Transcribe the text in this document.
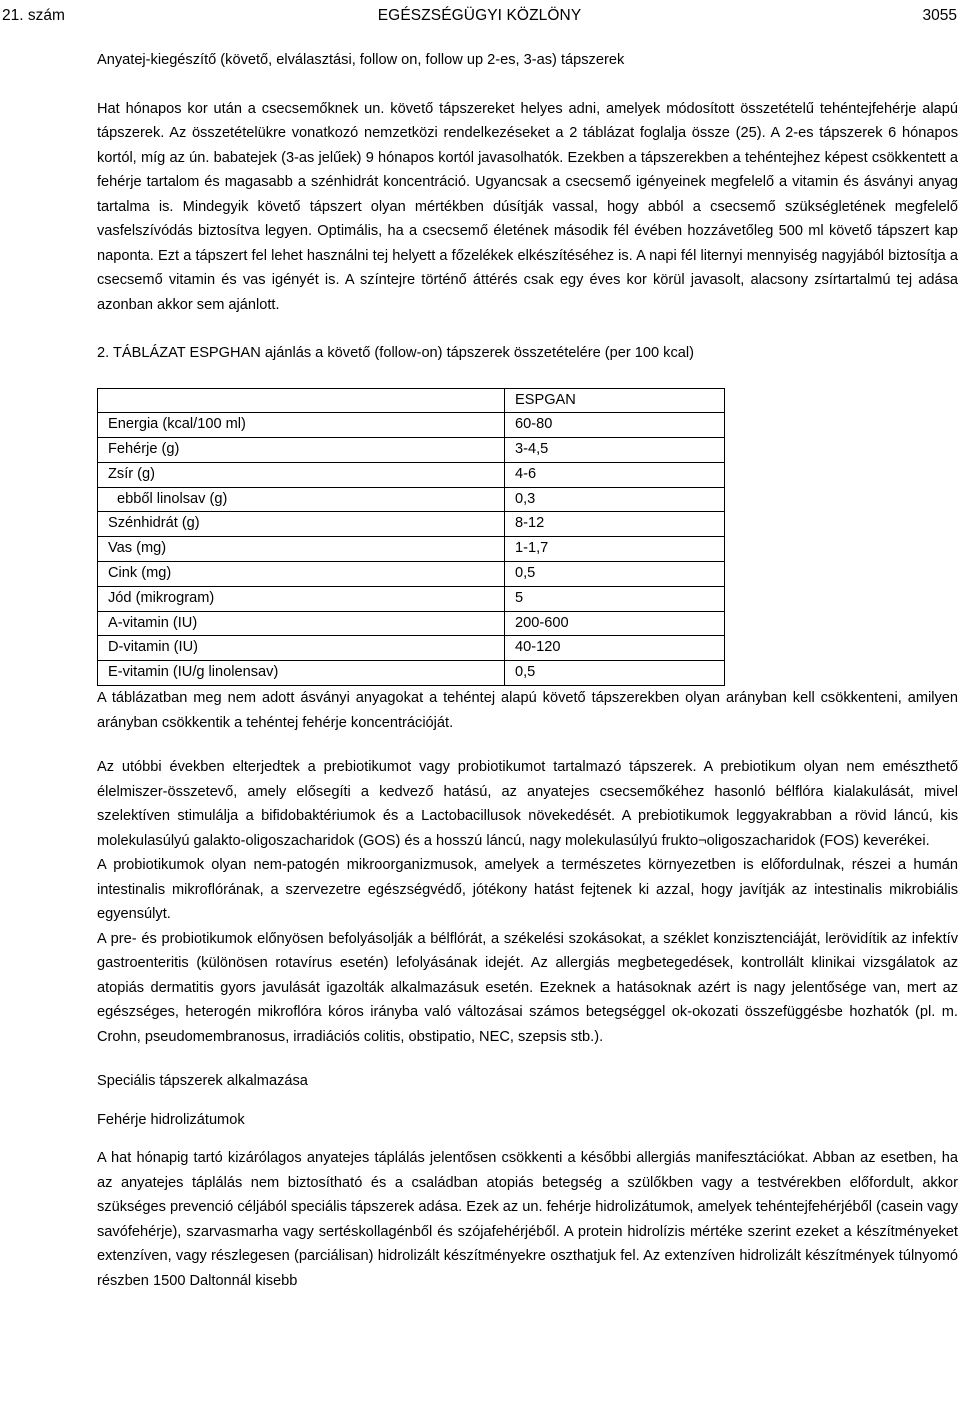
21. szám	EGÉSZSÉGÜGYI KÖZLÖNY	3055

Anyatej-kiegészítő (követő, elválasztási, follow on, follow up 2-es, 3-as) tápszerek

Hat hónapos kor után a csecsemőknek un. követő tápszereket helyes adni, amelyek módosított összetételű tehéntejfehérje alapú tápszerek. Az összetételükre vonatkozó nemzetközi rendelkezéseket a 2 táblázat foglalja össze (25). A 2-es tápszerek 6 hónapos kortól, míg az ún. babatejek (3-as jelűek) 9 hónapos kortól javasolhatók. Ezekben a tápszerekben a tehéntejhez képest csökkentett a fehérje tartalom és magasabb a szénhidrát koncentráció. Ugyancsak a csecsemő igényeinek megfelelő a vitamin és ásványi anyag tartalma is. Mindegyik követő tápszert olyan mértékben dúsítják vassal, hogy abból a csecsemő szükségletének megfelelő vasfelszívódás biztosítva legyen. Optimális, ha a csecsemő életének második fél évében hozzávetőleg 500 ml követő tápszert kap naponta. Ezt a tápszert fel lehet használni tej helyett a főzelékek elkészítéséhez is. A napi fél liternyi mennyiség nagyjából biztosítja a csecsemő vitamin és vas igényét is. A színtejre történő áttérés csak egy éves kor körül javasolt, alacsony zsírtartalmú tej adása azonban akkor sem ajánlott.

2. TÁBLÁZAT ESPGHAN ajánlás a követő (follow-on) tápszerek összetételére (per 100 kcal)

	ESPGAN
Energia (kcal/100 ml)	60-80
Fehérje (g)	3-4,5
Zsír (g)	4-6
ebből linolsav (g)	0,3
Szénhidrát (g)	8-12
Vas (mg)	1-1,7
Cink (mg)	0,5
Jód (mikrogram)	5
A-vitamin (IU)	200-600
D-vitamin (IU)	40-120
E-vitamin (IU/g linolensav)	0,5

A táblázatban meg nem adott ásványi anyagokat a tehéntej alapú követő tápszerekben olyan arányban kell csökkenteni, amilyen arányban csökkentik a tehéntej fehérje koncentrációját.

Az utóbbi években elterjedtek a prebiotikumot vagy probiotikumot tartalmazó tápszerek. A prebiotikum olyan nem emészthető élelmiszer-összetevő, amely elősegíti a kedvező hatású, az anyatejes csecsemőkéhez hasonló bélflóra kialakulását, mivel szelektíven stimulálja a bifidobaktériumok és a Lactobacillusok növekedését. A prebiotikumok leggyakrabban a rövid láncú, kis molekulasúlyú galakto-oligoszacharidok (GOS) és a hosszú láncú, nagy molekulasúlyú frukto¬oligoszacharidok (FOS) keverékei.

A probiotikumok olyan nem-patogén mikroorganizmusok, amelyek a természetes környezetben is előfordulnak, részei a humán intestinalis mikroflórának, a szervezetre egészségvédő, jótékony hatást fejtenek ki azzal, hogy javítják az intestinalis mikrobiális egyensúlyt.

A pre- és probiotikumok előnyösen befolyásolják a bélflórát, a székelési szokásokat, a széklet konzisztenciáját, lerövidítik az infektív gastroenteritis (különösen rotavírus esetén) lefolyásának idejét. Az allergiás megbetegedések, kontrollált klinikai vizsgálatok az atopiás dermatitis gyors javulását igazolták alkalmazásuk esetén. Ezeknek a hatásoknak azért is nagy jelentősége van, mert az egészséges, heterogén mikroflóra kóros irányba való változásai számos betegséggel ok-okozati összefüggésbe hozhatók (pl. m. Crohn, pseudomembranosus, irradiációs colitis, obstipatio, NEC, szepsis stb.).

Speciális tápszerek alkalmazása

Fehérje hidrolizátumok

A hat hónapig tartó kizárólagos anyatejes táplálás jelentősen csökkenti a későbbi allergiás manifesztációkat. Abban az esetben, ha az anyatejes táplálás nem biztosítható és a családban atopiás betegség a szülőkben vagy a testvérekben előfordult, akkor szükséges prevenció céljából speciális tápszerek adása. Ezek az un. fehérje hidrolizátumok, amelyek tehéntejfehérjéből (casein vagy savófehérje), szarvasmarha vagy sertéskollagénből és szójafehérjéből. A protein hidrolízis mértéke szerint ezeket a készítményeket extenzíven, vagy részlegesen (parciálisan) hidrolizált készítményekre oszthatjuk fel. Az extenzíven hidrolizált készítmények túlnyomó részben 1500 Daltonnál kisebb
